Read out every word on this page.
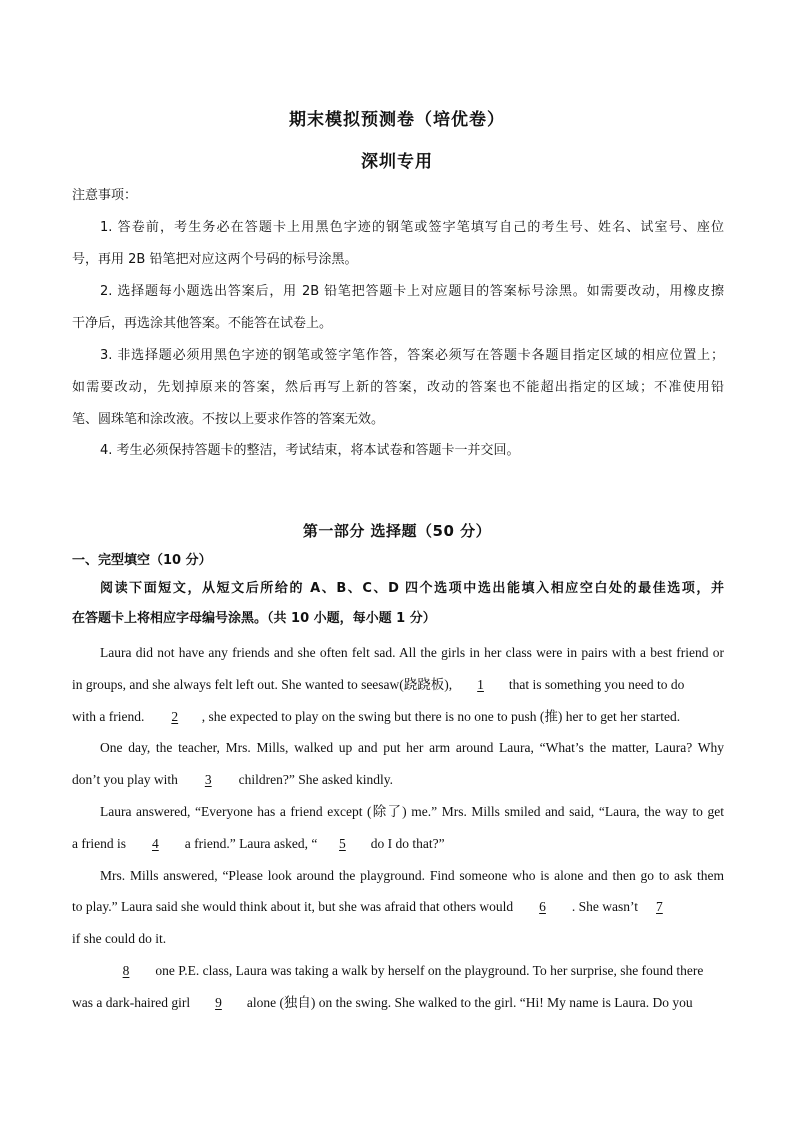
期末模拟预测卷（培优卷）
深圳专用
注意事项：
1. 答卷前，考生务必在答题卡上用黑色字迹的钢笔或签字笔填写自己的考生号、姓名、试室号、座位
号，再用 2B 铅笔把对应这两个号码的标号涂黑。
2. 选择题每小题选出答案后，用 2B 铅笔把答题卡上对应题目的答案标号涂黑。如需要改动，用橡皮擦
干净后，再选涂其他答案。不能答在试卷上。
3. 非选择题必须用黑色字迹的钢笔或签字笔作答，答案必须写在答题卡各题目指定区域的相应位置上；
如需要改动，先划掉原来的答案，然后再写上新的答案，改动的答案也不能超出指定的区域；不准使用铅
笔、圆珠笔和涂改液。不按以上要求作答的答案无效。
4. 考生必须保持答题卡的整洁，考试结束，将本试卷和答题卡一并交回。
第一部分 选择题（50 分）
一、完型填空（10 分）
阅读下面短文，从短文后所给的 A、B、C、D 四个选项中选出能填入相应空白处的最佳选项，并
在答题卡上将相应字母编号涂黑。（共 10 小题，每小题 1 分）
Laura did not have any friends and she often felt sad. All the girls in her class were in pairs with a best friend or
in groups, and she always felt left out. She wanted to seesaw(跷跷板), 1 that is something you need to do
with a friend. 2 , she expected to play on the swing but there is no one to push (推) her to get her started.
One day, the teacher, Mrs. Mills, walked up and put her arm around Laura, “What’s the matter, Laura? Why
don’t you play with 3 children?” She asked kindly.
Laura answered, “Everyone has a friend except (除了) me.” Mrs. Mills smiled and said, “Laura, the way to get
a friend is 4 a friend.” Laura asked, “ 5 do I do that?”
Mrs. Mills answered, “Please look around the playground. Find someone who is alone and then go to ask them
to play.” Laura said she would think about it, but she was afraid that others would 6 . She wasn’t 7
if she could do it.
8 one P.E. class, Laura was taking a walk by herself on the playground. To her surprise, she found there
was a dark-haired girl 9 alone (独自) on the swing. She walked to the girl. “Hi! My name is Laura. Do you
